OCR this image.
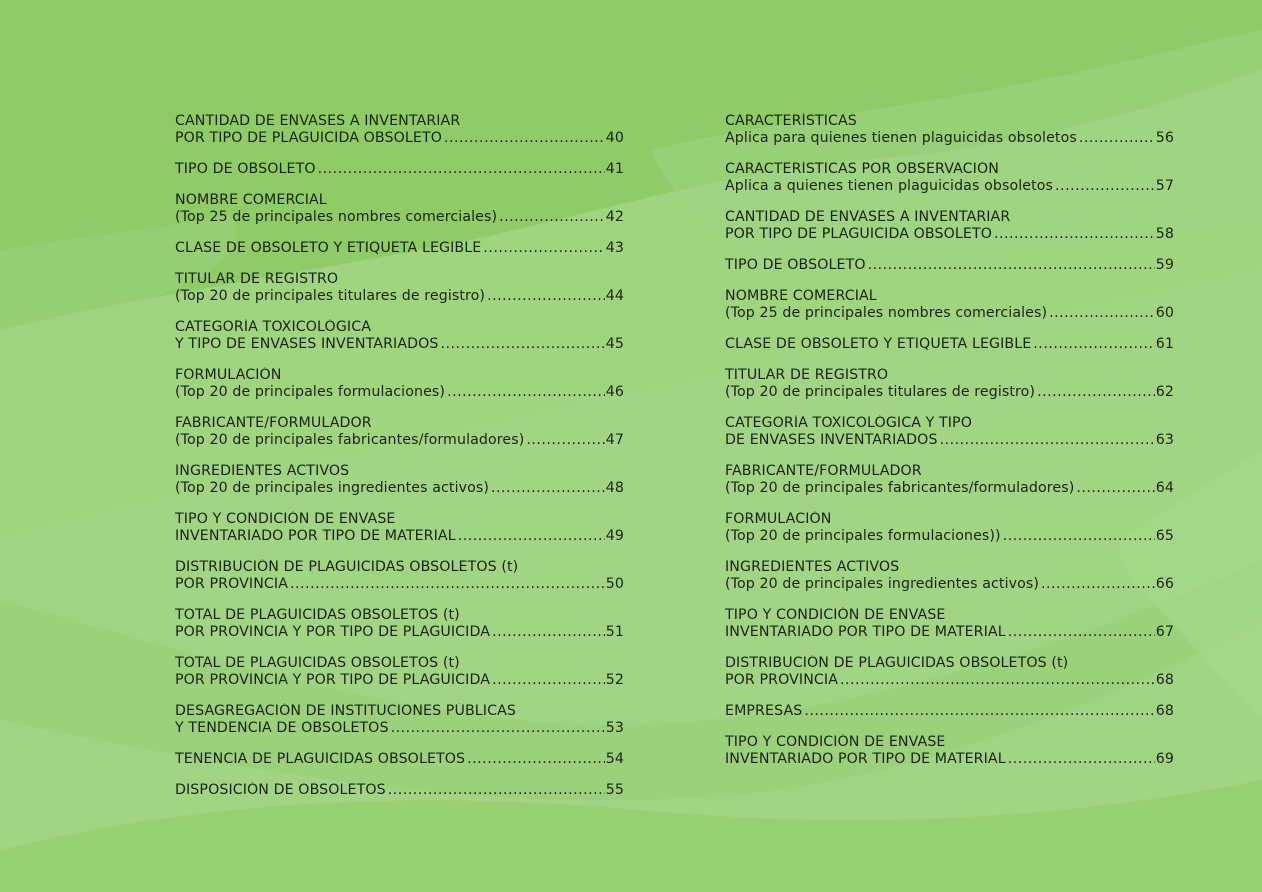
CANTIDAD DE ENVASES A INVENTARIAR
POR TIPO DE PLAGUICIDA OBSOLETO .....	40
TIPO DE OBSOLETO .....	41
NOMBRE COMERCIAL
(Top 25 de principales nombres comerciales) .....	42
CLASE DE OBSOLETO Y ETIQUETA LEGIBLE .....	43
TITULAR DE REGISTRO
(Top 20 de principales titulares de registro) .....	44
CATEGORÍA TOXICOLÓGICA
Y TIPO DE ENVASES INVENTARIADOS .....	45
FORMULACIÓN
(Top 20 de principales formulaciones) .....	46
FABRICANTE/FORMULADOR
(Top 20 de principales fabricantes/formuladores) .....	47
INGREDIENTES ACTIVOS
(Top 20 de principales ingredientes activos) .....	48
TIPO Y CONDICIÓN DE ENVASE
INVENTARIADO POR TIPO DE MATERIAL .....	49
DISTRIBUCIÓN DE PLAGUICIDAS OBSOLETOS (t)
POR PROVINCIA .....	50
TOTAL DE PLAGUICIDAS OBSOLETOS (t)
POR PROVINCIA Y POR TIPO DE PLAGUICIDA .....	51
TOTAL DE PLAGUICIDAS OBSOLETOS (t)
POR PROVINCIA Y POR TIPO DE PLAGUICIDA .....	52
DESAGREGACIÓN DE INSTITUCIONES PÚBLICAS
Y TENDENCIA DE OBSOLETOS .....	53
TENENCIA DE PLAGUICIDAS OBSOLETOS .....	54
DISPOSICIÓN DE OBSOLETOS .....	55
CARACTERÍSTICAS
Aplica para quienes tienen plaguicidas obsoletos .....	56
CARACTERÍSTICAS POR OBSERVACIÓN
Aplica a quienes tienen plaguicidas obsoletos .....	57
CANTIDAD DE ENVASES A INVENTARIAR
POR TIPO DE PLAGUICIDA OBSOLETO .....	58
TIPO DE OBSOLETO .....	59
NOMBRE COMERCIAL
(Top 25 de principales nombres comerciales) .....	60
CLASE DE OBSOLETO Y ETIQUETA LEGIBLE .....	61
TITULAR DE REGISTRO
(Top 20 de principales titulares de registro) .....	62
CATEGORÍA TOXICOLÓGICA Y TIPO
DE ENVASES INVENTARIADOS .....	63
FABRICANTE/FORMULADOR
(Top 20 de principales fabricantes/formuladores) .....	64
FORMULACIÓN
(Top 20 de principales formulaciones)) .....	65
INGREDIENTES ACTIVOS
(Top 20 de principales ingredientes activos) .....	66
TIPO Y CONDICIÓN DE ENVASE
INVENTARIADO POR TIPO DE MATERIAL .....	67
DISTRIBUCIÓN DE PLAGUICIDAS OBSOLETOS (t)
POR PROVINCIA .....	68
EMPRESAS .....	68
TIPO Y CONDICIÓN DE ENVASE
INVENTARIADO POR TIPO DE MATERIAL .....	69
